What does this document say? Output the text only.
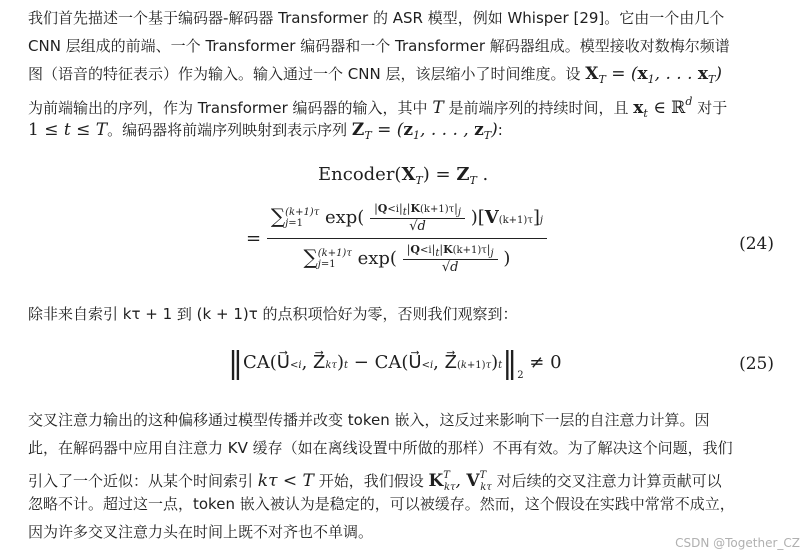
我们首先描述一个基于编码器-解码器 Transformer 的 ASR 模型，例如 Whisper [29]。它由一个由几个

CNN 层组成的前端、一个 Transformer 编码器和一个 Transformer 解码器组成。模型接收对数梅尔频谱

图（语音的特征表示）作为输入。输入通过一个 CNN 层，该层缩小了时间维度。设 $X_T = (x_1$, . . . $x_T$)

为前端输出的序列，作为 Transformer 编码器的输入，其中 T 是前端序列的持续时间，且 $x_t$ ∈ ℝ$^d$ 对于

1 ≤ t ≤ T。编码器将前端序列映射到表示序列 $Z_T = (z_1$, . . . , $z_T$):

$Encoder(X_T) = Z_T$ .
=
∑(k+1)τ
j=1 $\exp( \frac{|Q<i|_t|K(k+1)\tau|_j}{√d} )[V(k+1)\tau]j$
∑(k+1)τ
j=1 $\exp( \frac{|Q<i|_t|K(k+1)\tau|_j}{√d}$ )
(24)

除非来自索引 kτ + 1 到 (k + 1)τ 的点积项恰好为零，否则我们观察到：

‖CA(U⃗<i, Z⃗kτ)t − CA(U⃗<i, $Z⃗(k+1)\tau)t‖_2 \ne 0$	(25)

交叉注意力输出的这种偏移通过模型传播并改变 token 嵌入，这反过来影响下一层的自注意力计算。因

此，在解码器中应用自注意力 KV 缓存（如在离线设置中所做的那样）不再有效。为了解决这个问题，我们

引入了一个近似：从某个时间索引 kτ < T 开始，我们假设 $K^T_{k\tau}$, $V^T_{k\tau}$ 对后续的交叉注意力计算贡献可以

忽略不计。超过这一点，token 嵌入被认为是稳定的，可以被缓存。然而，这个假设在实践中常常不成立，

因为许多交叉注意力头在时间上既不对齐也不单调。

CSDN @Together_CZ
